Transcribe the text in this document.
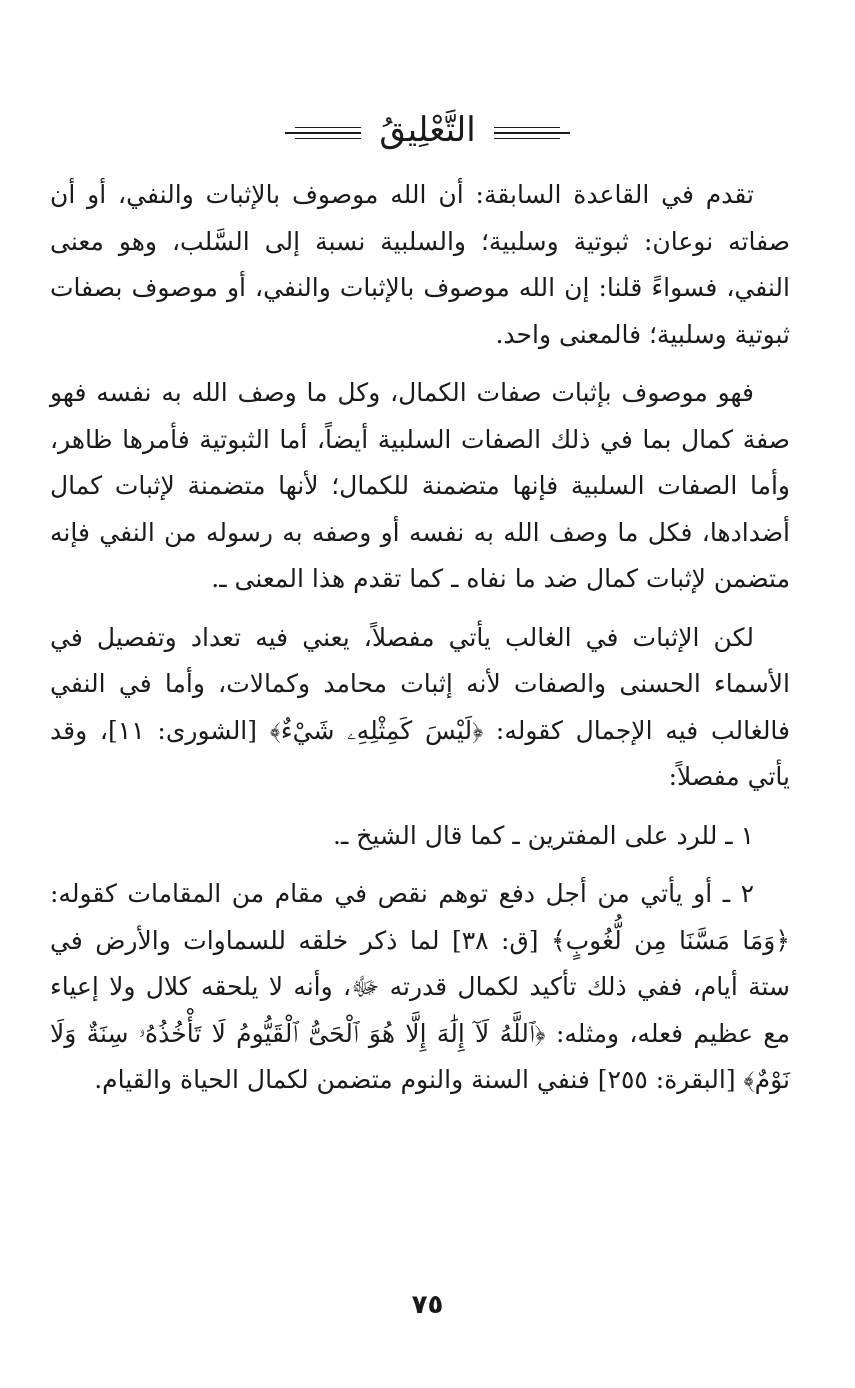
التَّعْلِيقُ

تقدم في القاعدة السابقة: أن الله موصوف بالإثبات والنفي، أو أن صفاته نوعان: ثبوتية وسلبية؛ والسلبية نسبة إلى السَّلب، وهو معنى النفي، فسواءً قلنا: إن الله موصوف بالإثبات والنفي، أو موصوف بصفات ثبوتية وسلبية؛ فالمعنى واحد.

فهو موصوف بإثبات صفات الكمال، وكل ما وصف الله به نفسه فهو صفة كمال بما في ذلك الصفات السلبية أيضاً، أما الثبوتية فأمرها ظاهر، وأما الصفات السلبية فإنها متضمنة للكمال؛ لأنها متضمنة لإثبات كمال أضدادها، فكل ما وصف الله به نفسه أو وصفه به رسوله من النفي فإنه متضمن لإثبات كمال ضد ما نفاه ـ كما تقدم هذا المعنى ـ.

لكن الإثبات في الغالب يأتي مفصلاً، يعني فيه تعداد وتفصيل في الأسماء الحسنى والصفات لأنه إثبات محامد وكمالات، وأما في النفي فالغالب فيه الإجمال كقوله: ﴿لَيْسَ كَمِثْلِهِۦ شَيْءٌ﴾ [الشورى: ١١]، وقد يأتي مفصلاً:

١ ـ للرد على المفترين ـ كما قال الشيخ ـ.

٢ ـ أو يأتي من أجل دفع توهم نقص في مقام من المقامات كقوله: ﴿وَمَا مَسَّنَا مِن لُّغُوبٍ﴾ [ق: ٣٨] لما ذكر خلقه للسماوات والأرض في ستة أيام، ففي ذلك تأكيد لكمال قدرته ﷻ، وأنه لا يلحقه كلال ولا إعياء مع عظيم فعله، ومثله: ﴿ٱللَّهُ لَآ إِلَٰهَ إِلَّا هُوَ ٱلْحَىُّ ٱلْقَيُّومُ لَا تَأْخُذُهُۥ سِنَةٌ وَلَا نَوْمٌ﴾ [البقرة: ٢٥٥] فنفي السنة والنوم متضمن لكمال الحياة والقيام.

٧٥
